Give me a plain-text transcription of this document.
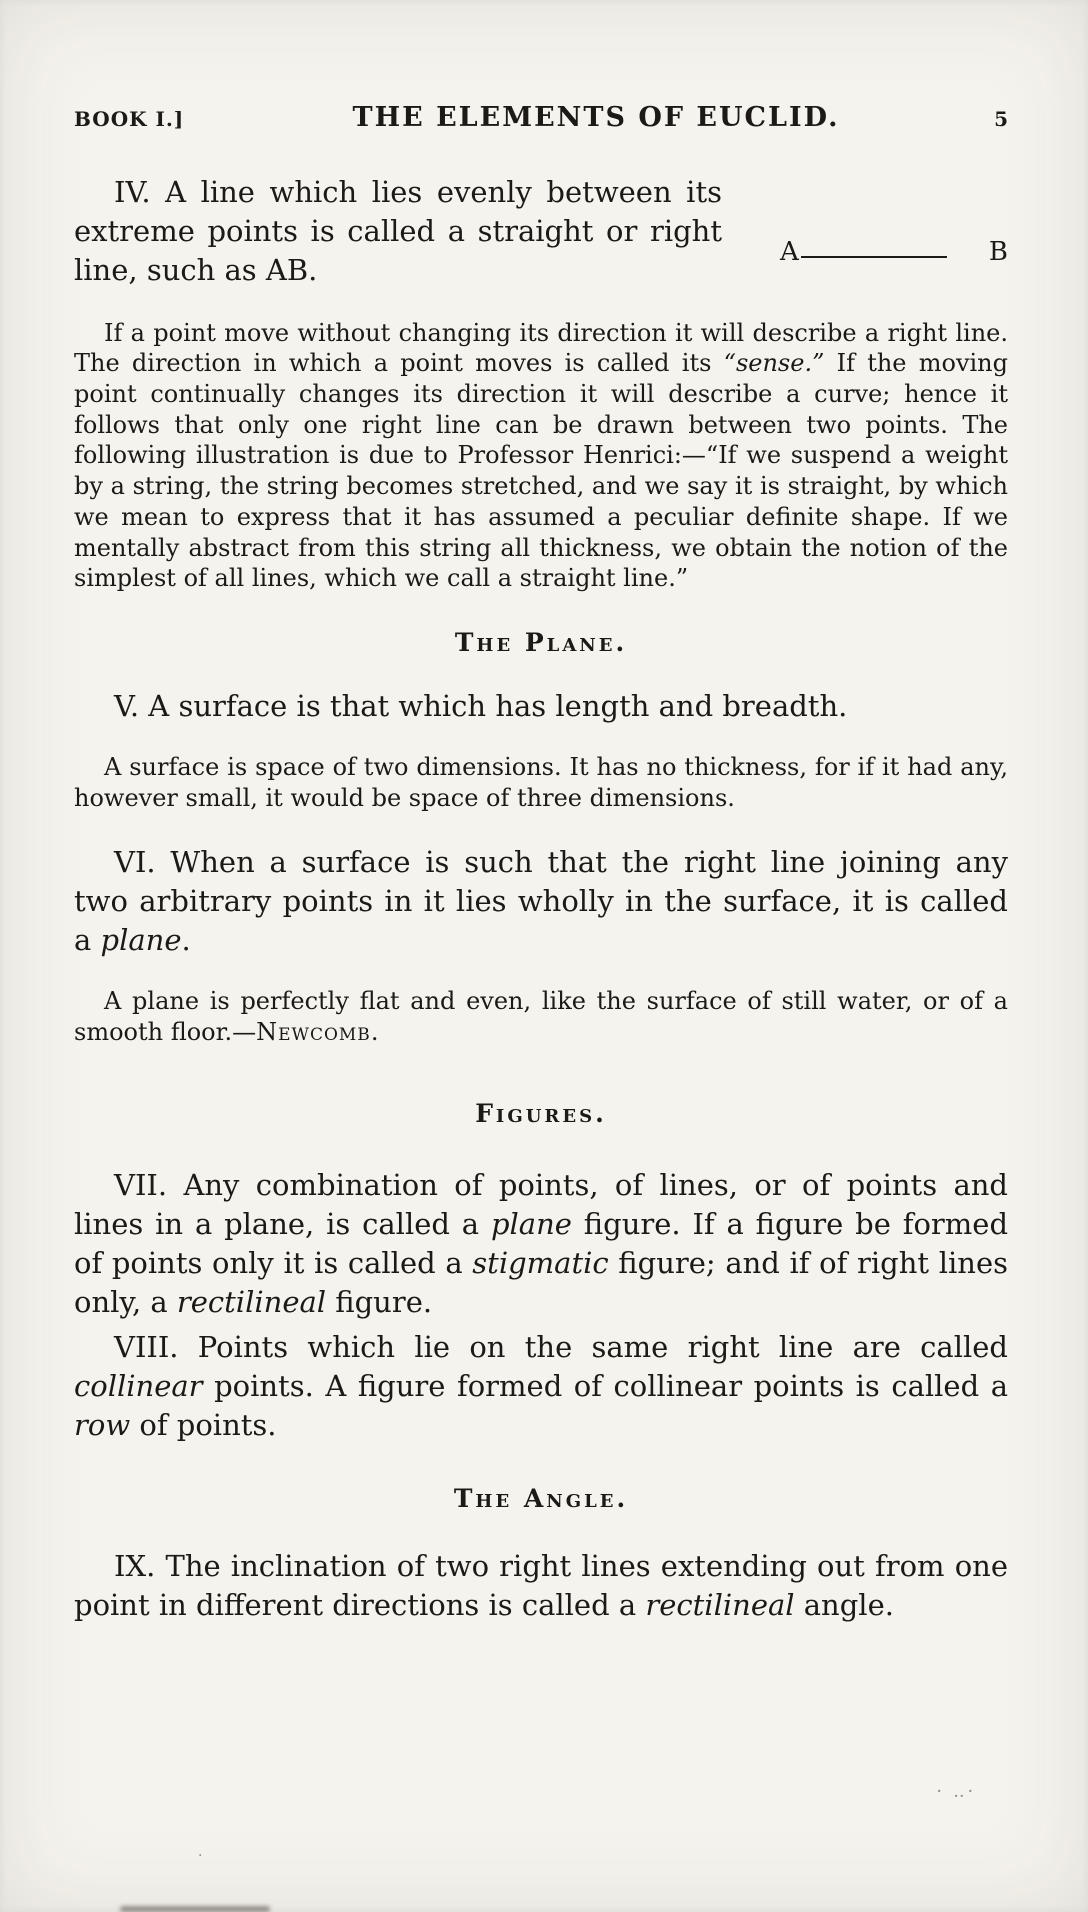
BOOK I.]	THE ELEMENTS OF EUCLID.	5

A	B
IV. A line which lies evenly between its extreme points is called a straight or right line, such as AB.

If a point move without changing its direction it will describe a right line. The direction in which a point moves is called its “sense.” If the moving point continually changes its direction it will describe a curve; hence it follows that only one right line can be drawn between two points. The following illustration is due to Professor Henrici:—“If we suspend a weight by a string, the string becomes stretched, and we say it is straight, by which we mean to express that it has assumed a peculiar definite shape. If we mentally abstract from this string all thickness, we obtain the notion of the simplest of all lines, which we call a straight line.”

The Plane.

V. A surface is that which has length and breadth.

A surface is space of two dimensions. It has no thickness, for if it had any, however small, it would be space of three dimensions.

VI. When a surface is such that the right line joining any two arbitrary points in it lies wholly in the surface, it is called a plane.

A plane is perfectly flat and even, like the surface of still water, or of a smooth floor.—Newcomb.

Figures.

VII. Any combination of points, of lines, or of points and lines in a plane, is called a plane figure. If a figure be formed of points only it is called a stigmatic figure; and if of right lines only, a rectilineal figure.

VIII. Points which lie on the same right line are called collinear points. A figure formed of collinear points is called a row of points.

The Angle.

IX. The inclination of two right lines extending out from one point in different directions is called a rectilineal angle.

· ‥·
·
